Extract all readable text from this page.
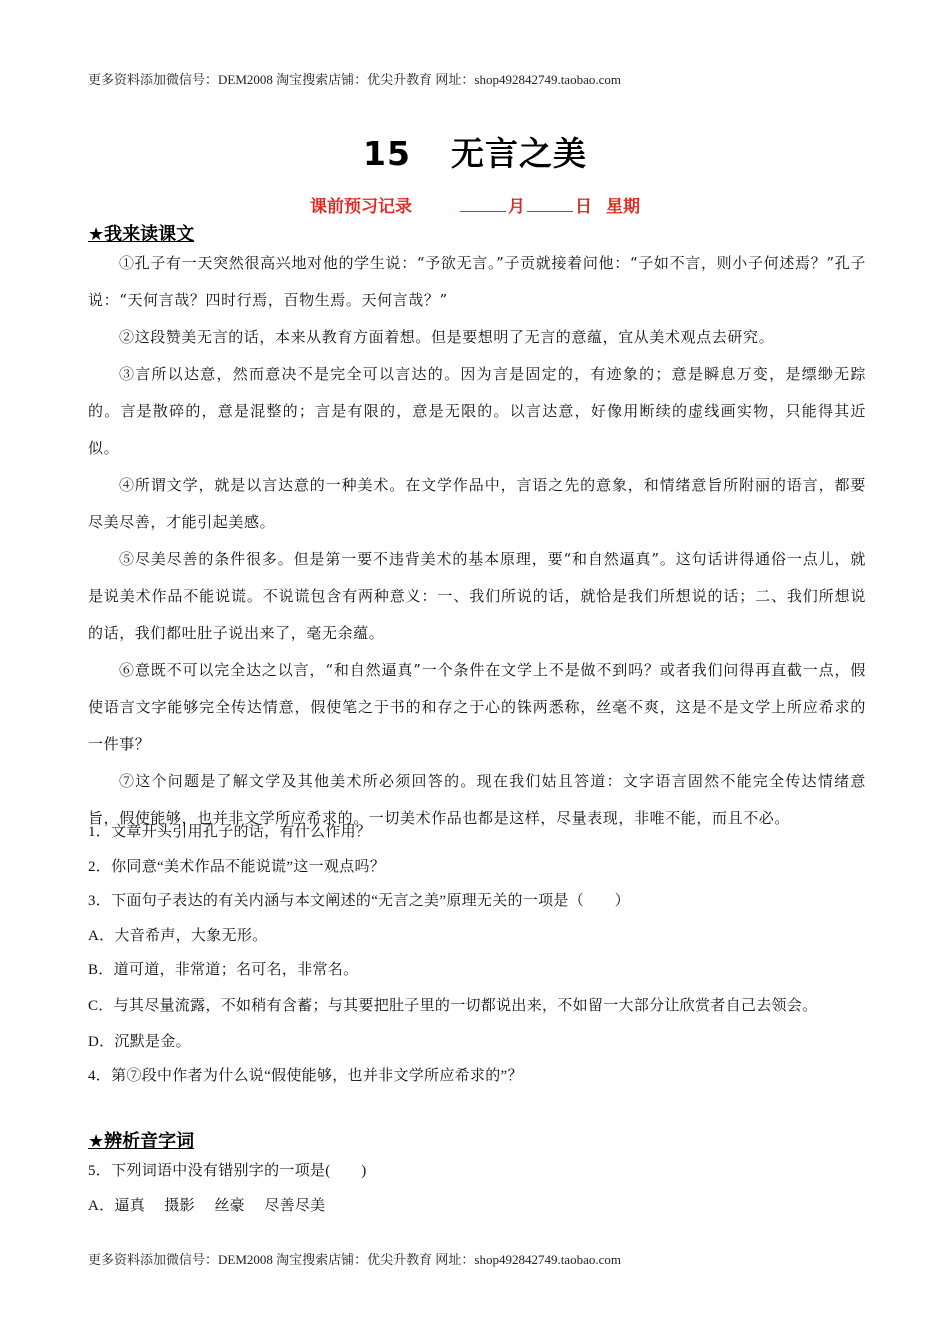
更多资料添加微信号：DEM2008 淘宝搜索店铺：优尖升教育 网址：shop492842749.taobao.com
15 无言之美
课前预习记录	月	日 星期
★我来读课文

①孔子有一天突然很高兴地对他的学生说：“予欲无言。”子贡就接着问他：“子如不言，则小子何述焉？”孔子说：“天何言哉？四时行焉，百物生焉。天何言哉？”

②这段赞美无言的话，本来从教育方面着想。但是要想明了无言的意蕴，宜从美术观点去研究。

③言所以达意，然而意决不是完全可以言达的。因为言是固定的，有迹象的；意是瞬息万变，是缥缈无踪的。言是散碎的，意是混整的；言是有限的，意是无限的。以言达意，好像用断续的虚线画实物，只能得其近似。

④所谓文学，就是以言达意的一种美术。在文学作品中，言语之先的意象，和情绪意旨所附丽的语言，都要尽美尽善，才能引起美感。

⑤尽美尽善的条件很多。但是第一要不违背美术的基本原理，要“和自然逼真”。这句话讲得通俗一点儿，就是说美术作品不能说谎。不说谎包含有两种意义：一、我们所说的话，就恰是我们所想说的话；二、我们所想说的话，我们都吐肚子说出来了，毫无余蕴。

⑥意既不可以完全达之以言，“和自然逼真”一个条件在文学上不是做不到吗？或者我们问得再直截一点，假使语言文字能够完全传达情意，假使笔之于书的和存之于心的铢两悉称，丝毫不爽，这是不是文学上所应希求的一件事？

⑦这个问题是了解文学及其他美术所必须回答的。现在我们姑且答道：文字语言固然不能完全传达情绪意旨，假使能够，也并非文学所应希求的。一切美术作品也都是这样，尽量表现，非唯不能，而且不必。

1．文章开头引用孔子的话，有什么作用？

2．你同意“美术作品不能说谎”这一观点吗？

3．下面句子表达的有关内涵与本文阐述的“无言之美”原理无关的一项是（　　）

A．大音希声，大象无形。

B．道可道，非常道；名可名，非常名。

C．与其尽量流露，不如稍有含蓄；与其要把肚子里的一切都说出来，不如留一大部分让欣赏者自己去领会。

D．沉默是金。

4．第⑦段中作者为什么说“假使能够，也并非文学所应希求的”？

★辨析音字词

5．下列词语中没有错别字的一项是(　　)

A．逼真　 摄影　 丝豪　 尽善尽美

更多资料添加微信号：DEM2008 淘宝搜索店铺：优尖升教育 网址：shop492842749.taobao.com
